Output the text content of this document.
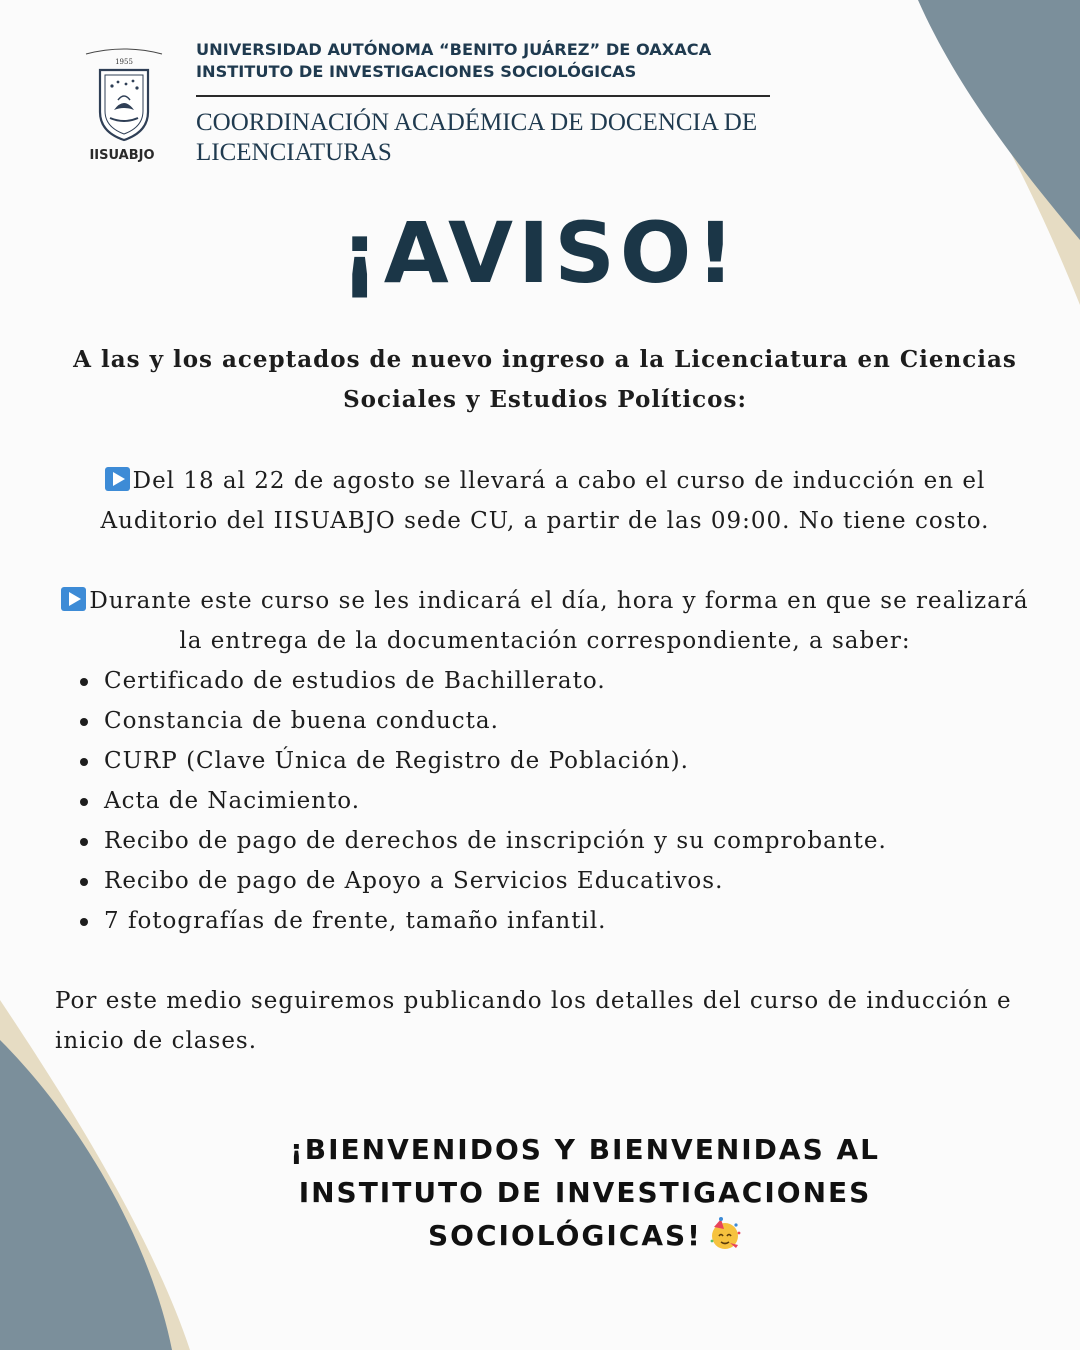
1955
IISUABJO
UNIVERSIDAD AUTÓNOMA “BENITO JUÁREZ” DE OAXACA
INSTITUTO DE INVESTIGACIONES SOCIOLÓGICAS
COORDINACIÓN ACADÉMICA DE DOCENCIA DE
LICENCIATURAS
¡AVISO!
A las y los aceptados de nuevo ingreso a la Licenciatura en Ciencias Sociales y Estudios Políticos:
Del 18 al 22 de agosto se llevará a cabo el curso de inducción en el Auditorio del IISUABJO sede CU, a partir de las 09:00. No tiene costo.
Durante este curso se les indicará el día, hora y forma en que se realizará la entrega de la documentación correspondiente, a saber:
Certificado de estudios de Bachillerato.
Constancia de buena conducta.
CURP (Clave Única de Registro de Población).
Acta de Nacimiento.
Recibo de pago de derechos de inscripción y su comprobante.
Recibo de pago de Apoyo a Servicios Educativos.
7 fotografías de frente, tamaño infantil.
Por este medio seguiremos publicando los detalles del curso de inducción e inicio de clases.
¡BIENVENIDOS Y BIENVENIDAS AL INSTITUTO DE INVESTIGACIONES SOCIOLÓGICAS!
